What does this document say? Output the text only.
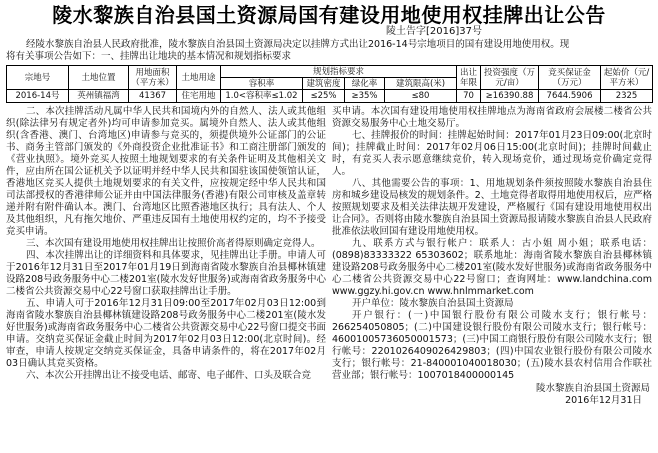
陵水黎族自治县国土资源局国有建设用地使用权挂牌出让公告
陵土告字[2016]37号
经陵水黎族自治县人民政府批准，陵水黎族自治县国土资源局决定以挂牌方式出让2016-14号宗地项目的国有建设用地使用权。现
将有关事项公告如下：一、挂牌出让地块的基本情况和规划指标要求
宗地号	土地位置	用地面积（平方米）	土地用途	规划指标要求				出让年限	投资强度（万元/亩）	竞买保证金（万元）	起始价（元/平方米）
				容积率	建筑密度	绿化率	建筑限高(米)				
2016-14号	英州镇福湾	41367	住宅用地	1.0<容积率≤1.02	≤25%	≥35%	≤80	70	≥16390.88	7644.5906	2325

二、本次挂牌活动凡属中华人民共和国境内外的自然人、法人或其他组织(除法律另有规定者外)均可申请参加竞买。属境外自然人、法人或其他组织(含香港、澳门、台湾地区)申请参与竞买的，须提供境外公证部门的公证书、商务主管部门颁发的《外商投资企业批准证书》和工商注册部门颁发的《营业执照》。境外竞买人按照土地规划要求的有关条件证明及其他相关文件，应由所在国公证机关予以证明并经中华人民共和国驻该国使领馆认证，香港地区竞买人提供土地规划要求的有关文件，应按规定经中华人民共和国司法部授权的香港律师公证并由中国法律服务(香港)有限公司审核及盖章转递并附有附件确认本。澳门、台湾地区比照香港地区执行；具有法人、个人及其他组织，凡有拖欠地价、严重违反国有土地使用权约定的，均不予接受竞买申请。

三、本次国有建设用地使用权挂牌出让按照价高者得原则确定竞得人。

四、本次挂牌出让的详细资料和具体要求，见挂牌出让手册。申请人可于2016年12月31日至2017年01月19日到海南省陵水黎族自治县椰林镇建设路208号政务服务中心二楼201室(陵水发好世服务)或海南省政务服务中心二楼省公共资源交易中心22号窗口获取挂牌出让手册。

五、申请人可于2016年12月31日09:00至2017年02月03日12:00到海南省陵水黎族自治县椰林镇建设路208号政务服务中心二楼201室(陵水发好世服务)或海南省政务服务中心二楼省公共资源交易中心22号窗口提交书面申请。交纳竞买保证金截止时间为2017年02月03日12:00(北京时间)。经审查，申请人按规定交纳竞买保证金，具备申请条件的，将在2017年02月03日确认其竞买资格。

六、本次公开挂牌出让不接受电话、邮寄、电子邮件、口头及联合竞

买申请。本次国有建设用地使用权挂牌地点为海南省政府会展楼二楼省公共资源交易服务中心土地交易厅。

七、挂牌报价的时间：挂牌起始时间：2017年01月23日09:00(北京时间)；挂牌截止时间：2017年02月06日15:00(北京时间)；挂牌时间截止时，有竞买人表示愿意继续竞价，转入现场竞价，通过现场竞价确定竞得人。

八、其他需要公告的事项：1、用地规划条件须按照陵水黎族自治县住房和城乡建设局核发的规划条件。2、土地竞得者取得用地使用权后，应严格按照规划要求及相关法律法规开发建设，严格履行《国有建设用地使用权出让合同》。否则将由陵水黎族自治县国土资源局报请陵水黎族自治县人民政府批准依法收回国有建设用地使用权。

九、联系方式与银行帐户：联系人：古小姐 周小姐；联系电话：(0898)83333322 65303602；联系地址：海南省陵水黎族自治县椰林镇建设路208号政务服务中心二楼201室(陵水发好世服务)或海南省政务服务中心二楼省公共资源交易中心22号窗口；查询网址：www.landchina.com www.ggzy.hi.gov.cn www.hnlmmarket.com

开户单位：陵水黎族自治县国土资源局

开户银行：(一)中国银行股份有限公司陵水支行；银行帐号：266254050805；(二)中国建设银行股份有限公司陵水支行；银行帐号：46001005736050001573；(三)中国工商银行股份有限公司陵水支行；银行帐号：2201026409026429803；(四)中国农业银行股份有限公司陵水支行；银行帐号：21-840001040018030；(五)陵水县农村信用合作联社营业部；银行帐号：1007018400000145

陵水黎族自治县国土资源局
2016年12月31日
